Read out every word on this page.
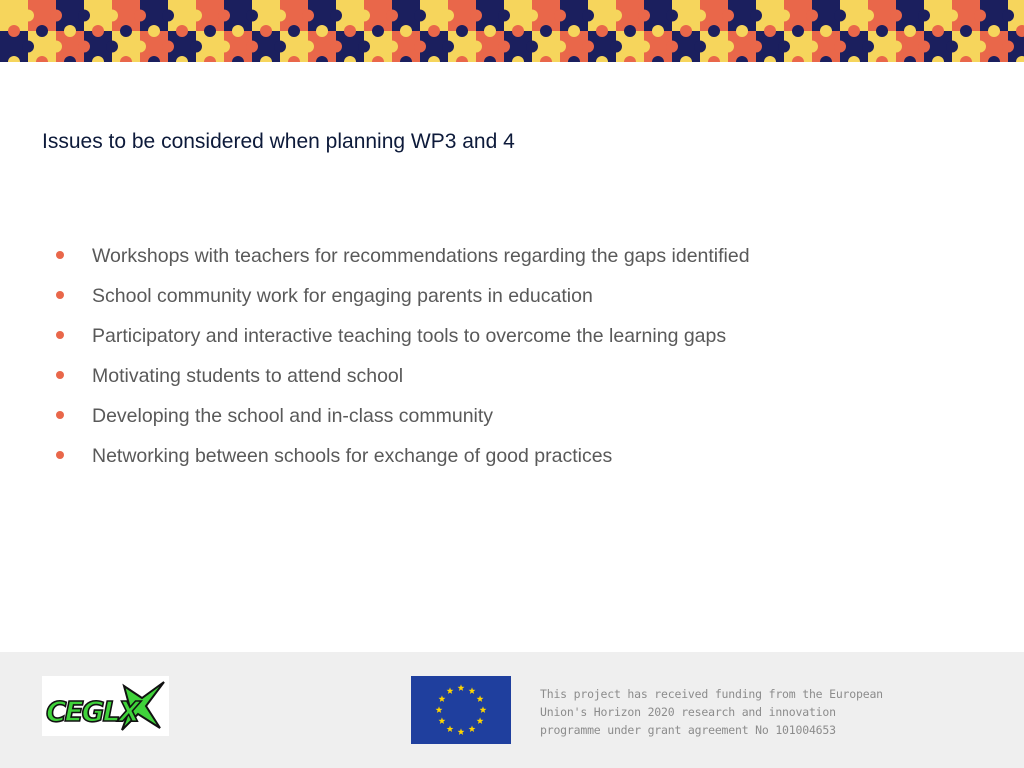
Issues to be considered when planning WP3 and 4
Workshops with teachers for recommendations regarding the gaps identified
School community work for engaging parents in education
Participatory and interactive teaching tools to overcome the learning gaps
Motivating students to attend school
Developing the school and in-class community
Networking between schools for exchange of good practices
CEGLX

This project has received funding from the European
Union's Horizon 2020 research and innovation
programme under grant agreement No 101004653
